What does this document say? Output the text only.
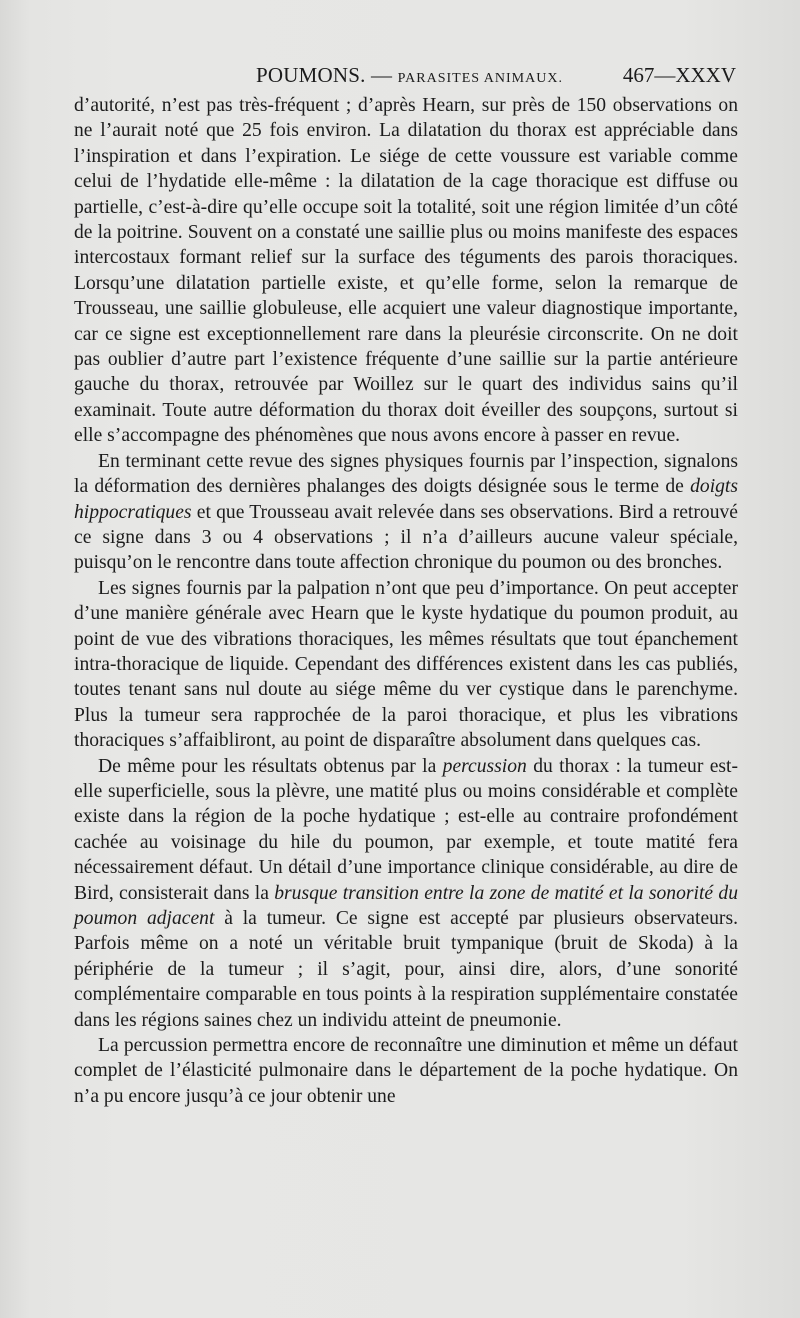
POUMONS. — PARASITES ANIMAUX.	467—XXXV

d’autorité, n’est pas très-fréquent ; d’après Hearn, sur près de 150 observations on ne l’aurait noté que 25 fois environ. La dilatation du thorax est appréciable dans l’inspiration et dans l’expiration. Le siége de cette voussure est variable comme celui de l’hydatide elle-même : la dilatation de la cage thoracique est diffuse ou partielle, c’est-à-dire qu’elle occupe soit la totalité, soit une région limitée d’un côté de la poitrine. Souvent on a constaté une saillie plus ou moins manifeste des espaces intercostaux formant relief sur la surface des téguments des parois thoraciques. Lorsqu’une dilatation partielle existe, et qu’elle forme, selon la remarque de Trousseau, une saillie globuleuse, elle acquiert une valeur diagnostique importante, car ce signe est exceptionnellement rare dans la pleurésie circonscrite. On ne doit pas oublier d’autre part l’existence fréquente d’une saillie sur la partie antérieure gauche du thorax, retrouvée par Woillez sur le quart des individus sains qu’il examinait. Toute autre déformation du thorax doit éveiller des soupçons, surtout si elle s’accompagne des phénomènes que nous avons encore à passer en revue.

En terminant cette revue des signes physiques fournis par l’inspection, signalons la déformation des dernières phalanges des doigts désignée sous le terme de doigts hippocratiques et que Trousseau avait relevée dans ses observations. Bird a retrouvé ce signe dans 3 ou 4 observations ; il n’a d’ailleurs aucune valeur spéciale, puisqu’on le rencontre dans toute affection chronique du poumon ou des bronches.

Les signes fournis par la palpation n’ont que peu d’importance. On peut accepter d’une manière générale avec Hearn que le kyste hydatique du poumon produit, au point de vue des vibrations thoraciques, les mêmes résultats que tout épanchement intra-thoracique de liquide. Cependant des différences existent dans les cas publiés, toutes tenant sans nul doute au siége même du ver cystique dans le parenchyme. Plus la tumeur sera rapprochée de la paroi thoracique, et plus les vibrations thoraciques s’affaibliront, au point de disparaître absolument dans quelques cas.

De même pour les résultats obtenus par la percussion du thorax : la tumeur est-elle superficielle, sous la plèvre, une matité plus ou moins considérable et complète existe dans la région de la poche hydatique ; est-elle au contraire profondément cachée au voisinage du hile du poumon, par exemple, et toute matité fera nécessairement défaut. Un détail d’une importance clinique considérable, au dire de Bird, consisterait dans la brusque transition entre la zone de matité et la sonorité du poumon adjacent à la tumeur. Ce signe est accepté par plusieurs observateurs. Parfois même on a noté un véritable bruit tympanique (bruit de Skoda) à la périphérie de la tumeur ; il s’agit, pour, ainsi dire, alors, d’une sonorité complémentaire comparable en tous points à la respiration supplémentaire constatée dans les régions saines chez un individu atteint de pneumonie.

La percussion permettra encore de reconnaître une diminution et même un défaut complet de l’élasticité pulmonaire dans le département de la poche hydatique. On n’a pu encore jusqu’à ce jour obtenir une
